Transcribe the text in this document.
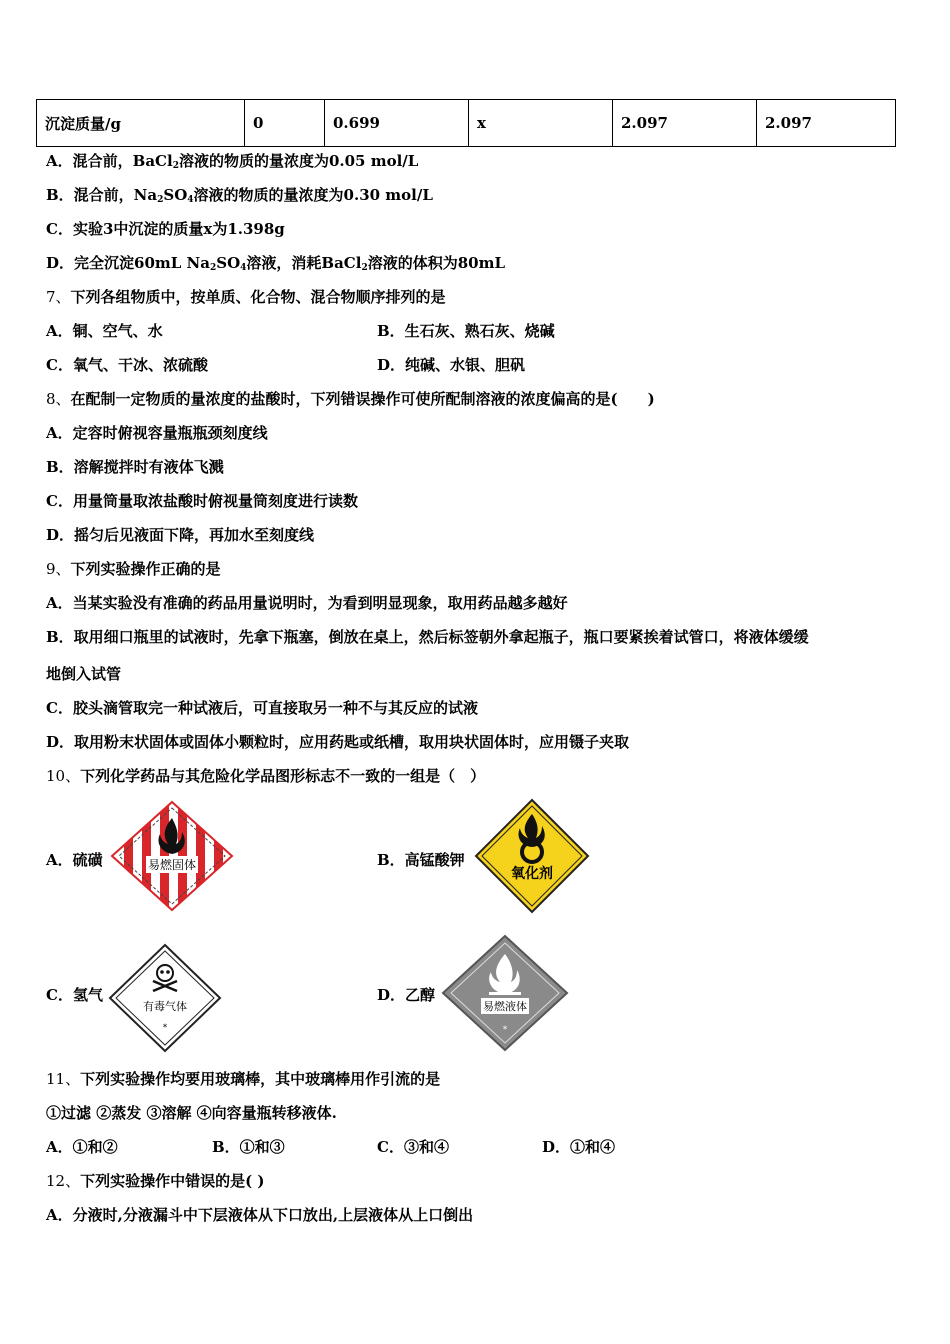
沉淀质量/g	0	0.699	x	2.097	2.097
A．混合前，BaCl$_2$溶液的物质的量浓度为0.05 mol/L
B．混合前，$Na_2SO_4$溶液的物质的量浓度为0.30 mol/L
C．实验3中沉淀的质量x为1.398g
D．完全沉淀60mL $Na_2SO_4$溶液，消耗BaCl$_2$溶液的体积为80mL
7、下列各组物质中，按单质、化合物、混合物顺序排列的是
A．铜、空气、水	B．生石灰、熟石灰、烧碱
C．氧气、干冰、浓硫酸	D．纯碱、水银、胆矾
8、在配制一定物质的量浓度的盐酸时，下列错误操作可使所配制溶液的浓度偏高的是(　　)
A．定容时俯视容量瓶瓶颈刻度线
B．溶解搅拌时有液体飞溅
C．用量筒量取浓盐酸时俯视量筒刻度进行读数
D．摇匀后见液面下降，再加水至刻度线
9、下列实验操作正确的是
A．当某实验没有准确的药品用量说明时，为看到明显现象，取用药品越多越好
B．取用细口瓶里的试液时，先拿下瓶塞，倒放在桌上，然后标签朝外拿起瓶子，瓶口要紧挨着试管口，将液体缓缓
地倒入试管
C．胶头滴管取完一种试液后，可直接取另一种不与其反应的试液
D．取用粉末状固体或固体小颗粒时，应用药匙或纸槽，取用块状固体时，应用镊子夹取
10、下列化学药品与其危险化学品图形标志不一致的一组是（　）
A．硫磺	易燃固体	B．高锰酸钾
氧化剂
C．氢气
有毒气体
*
D．乙醇
易燃液体
*
11、下列实验操作均要用玻璃棒，其中玻璃棒用作引流的是
①过滤 ②蒸发 ③溶解 ④向容量瓶转移液体.
A．①和②	B．①和③	C．③和④	D．①和④
12、下列实验操作中错误的是( )
A．分液时,分液漏斗中下层液体从下口放出,上层液体从上口倒出
